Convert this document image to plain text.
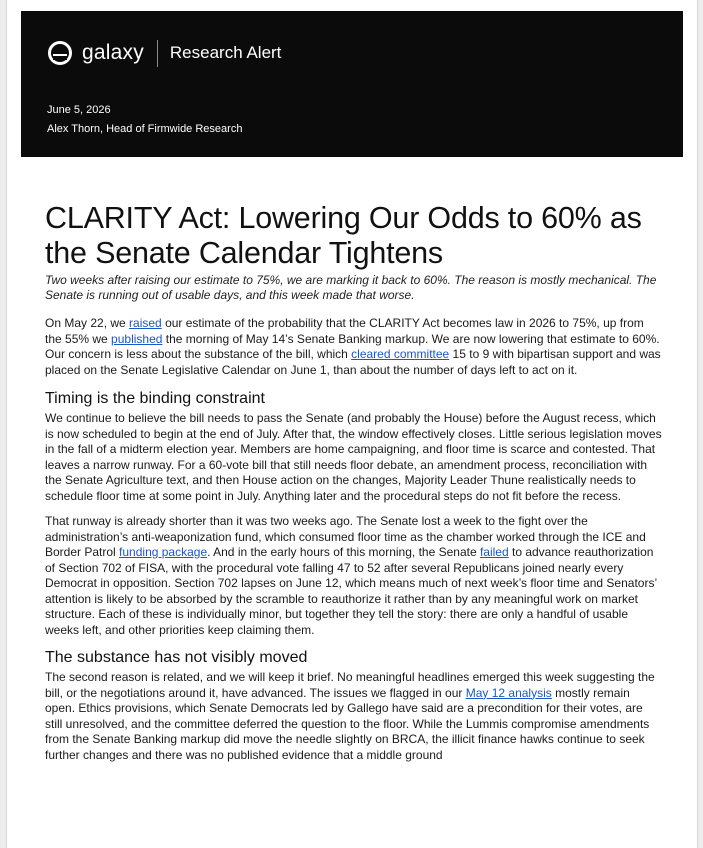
galaxy Research Alert
June 5, 2026
Alex Thorn, Head of Firmwide Research
CLARITY Act: Lowering Our Odds to 60% as the Senate Calendar Tightens
Two weeks after raising our estimate to 75%, we are marking it back to 60%. The reason is mostly mechanical. The Senate is running out of usable days, and this week made that worse.

On May 22, we raised our estimate of the probability that the CLARITY Act becomes law in 2026 to 75%, up from the 55% we published the morning of May 14’s Senate Banking markup. We are now lowering that estimate to 60%. Our concern is less about the substance of the bill, which cleared committee 15 to 9 with bipartisan support and was placed on the Senate Legislative Calendar on June 1, than about the number of days left to act on it.

Timing is the binding constraint

We continue to believe the bill needs to pass the Senate (and probably the House) before the August recess, which is now scheduled to begin at the end of July. After that, the window effectively closes. Little serious legislation moves in the fall of a midterm election year. Members are home campaigning, and floor time is scarce and contested. That leaves a narrow runway. For a 60-vote bill that still needs floor debate, an amendment process, reconciliation with the Senate Agriculture text, and then House action on the changes, Majority Leader Thune realistically needs to schedule floor time at some point in July. Anything later and the procedural steps do not fit before the recess.

That runway is already shorter than it was two weeks ago. The Senate lost a week to the fight over the administration’s anti-weaponization fund, which consumed floor time as the chamber worked through the ICE and Border Patrol funding package. And in the early hours of this morning, the Senate failed to advance reauthorization of Section 702 of FISA, with the procedural vote falling 47 to 52 after several Republicans joined nearly every Democrat in opposition. Section 702 lapses on June 12, which means much of next week’s floor time and Senators’ attention is likely to be absorbed by the scramble to reauthorize it rather than by any meaningful work on market structure. Each of these is individually minor, but together they tell the story: there are only a handful of usable weeks left, and other priorities keep claiming them.

The substance has not visibly moved

The second reason is related, and we will keep it brief. No meaningful headlines emerged this week suggesting the bill, or the negotiations around it, have advanced. The issues we flagged in our May 12 analysis mostly remain open. Ethics provisions, which Senate Democrats led by Gallego have said are a precondition for their votes, are still unresolved, and the committee deferred the question to the floor. While the Lummis compromise amendments from the Senate Banking markup did move the needle slightly on BRCA, the illicit finance hawks continue to seek further changes and there was no published evidence that a middle ground
